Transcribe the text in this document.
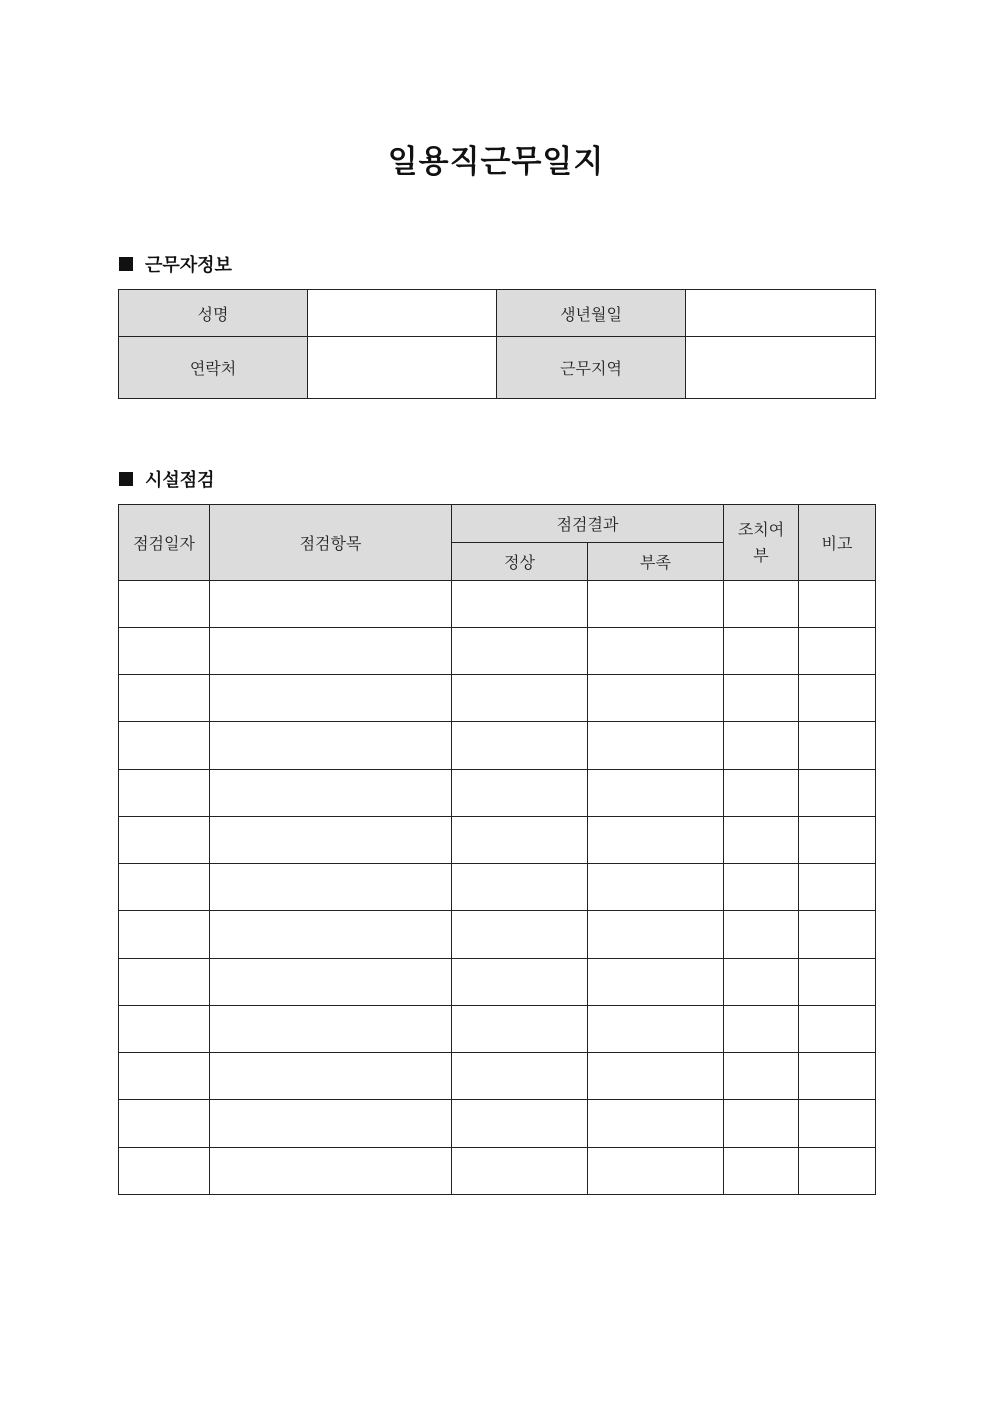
일용직근무일지
근무자정보
성명		생년월일	
연락처		근무지역	
시설점검
점검일자	점검항목	점검결과		조치여부	비고
		정상	부족		
